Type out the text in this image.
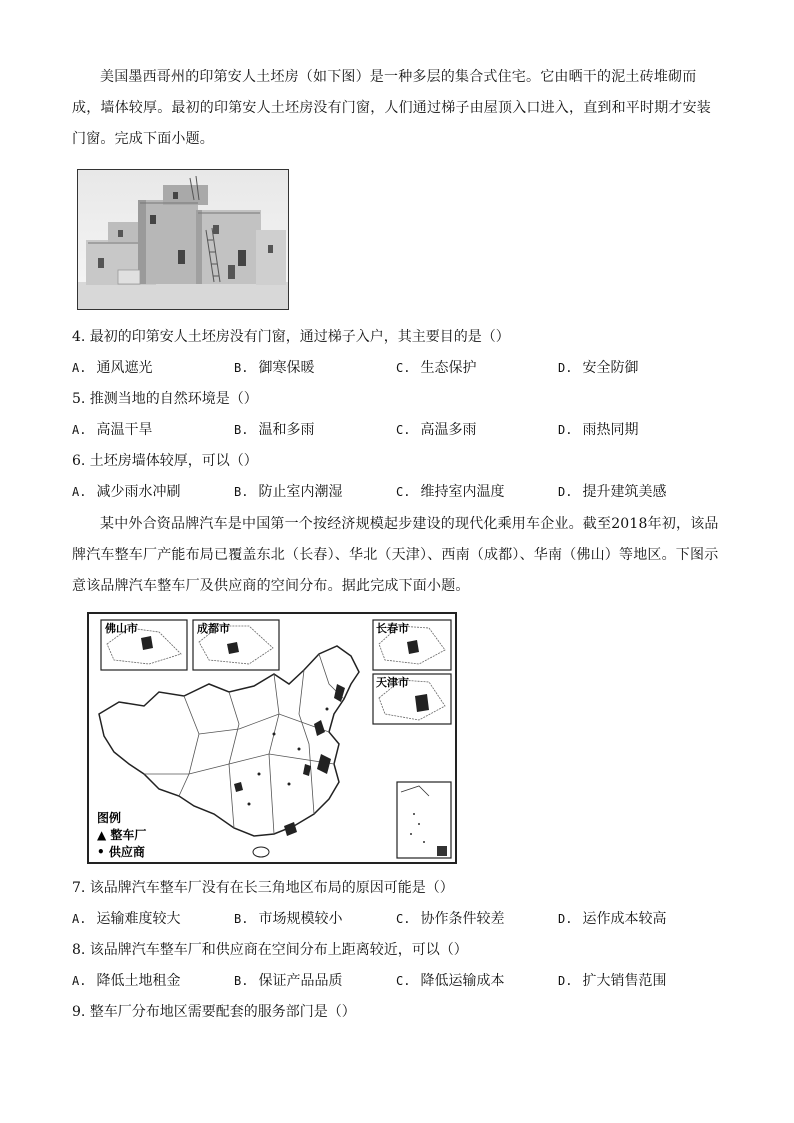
美国墨西哥州的印第安人土坯房（如下图）是一种多层的集合式住宅。它由晒干的泥土砖堆砌而成，墙体较厚。最初的印第安人土坯房没有门窗，人们通过梯子由屋顶入口进入，直到和平时期才安装门窗。完成下面小题。
4. 最初的印第安人土坯房没有门窗，通过梯子入户，其主要目的是（）
A. 通风遮光	B. 御寒保暖	C. 生态保护	D. 安全防御
5. 推测当地的自然环境是（）
A. 高温干旱	B. 温和多雨	C. 高温多雨	D. 雨热同期
6. 土坯房墙体较厚，可以（）
A. 减少雨水冲刷	B. 防止室内潮湿	C. 维持室内温度	D. 提升建筑美感
某中外合资品牌汽车是中国第一个按经济规模起步建设的现代化乘用车企业。截至2018年初，该品牌汽车整车厂产能布局已覆盖东北（长春）、华北（天津）、西南（成都）、华南（佛山）等地区。下图示意该品牌汽车整车厂及供应商的空间分布。据此完成下面小题。
佛山市	成都市	长春市
天津市
图例
▲ 整车厂
• 供应商
7. 该品牌汽车整车厂没有在长三角地区布局的原因可能是（）
A. 运输难度较大	B. 市场规模较小	C. 协作条件较差	D. 运作成本较高
8. 该品牌汽车整车厂和供应商在空间分布上距离较近，可以（）
A. 降低土地租金	B. 保证产品品质	C. 降低运输成本	D. 扩大销售范围
9. 整车厂分布地区需要配套的服务部门是（）
